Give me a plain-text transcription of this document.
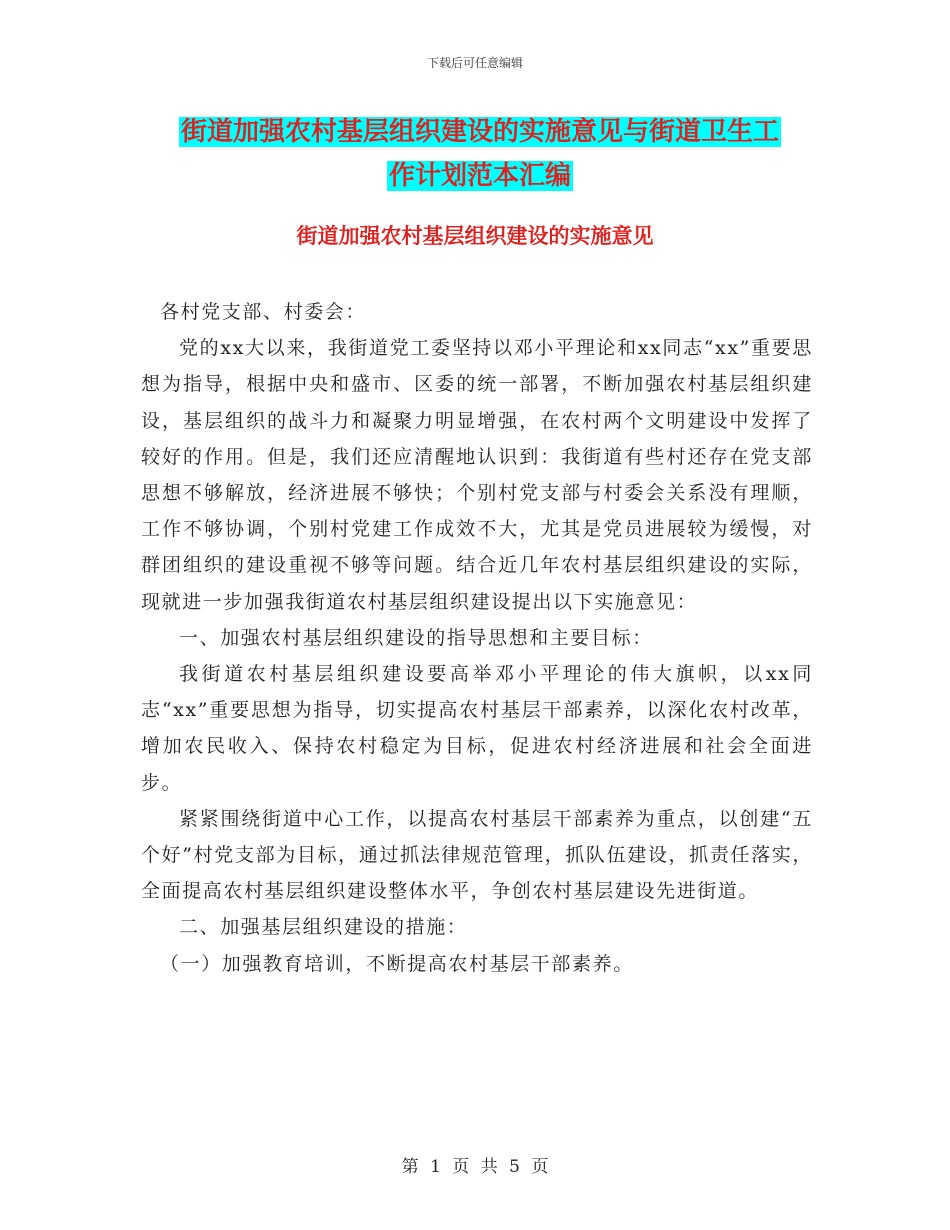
下载后可任意编辑
街道加强农村基层组织建设的实施意见与街道卫生工
作计划范本汇编
街道加强农村基层组织建设的实施意见

各村党支部、村委会：

党的xx大以来，我街道党工委坚持以邓小平理论和xx同志“xx”重要思想为指导，根据中央和盛市、区委的统一部署，不断加强农村基层组织建设，基层组织的战斗力和凝聚力明显增强，在农村两个文明建设中发挥了较好的作用。但是，我们还应清醒地认识到：我街道有些村还存在党支部思想不够解放，经济进展不够快；个别村党支部与村委会关系没有理顺，工作不够协调，个别村党建工作成效不大，尤其是党员进展较为缓慢，对群团组织的建设重视不够等问题。结合近几年农村基层组织建设的实际，现就进一步加强我街道农村基层组织建设提出以下实施意见：

一、加强农村基层组织建设的指导思想和主要目标：

我街道农村基层组织建设要高举邓小平理论的伟大旗帜，以xx同志“xx”重要思想为指导，切实提高农村基层干部素养，以深化农村改革，增加农民收入、保持农村稳定为目标，促进农村经济进展和社会全面进步。

紧紧围绕街道中心工作，以提高农村基层干部素养为重点，以创建“五个好”村党支部为目标，通过抓法律规范管理，抓队伍建设，抓责任落实，全面提高农村基层组织建设整体水平，争创农村基层建设先进街道。

二、加强基层组织建设的措施：

（一）加强教育培训，不断提高农村基层干部素养。

第 1 页 共 5 页
